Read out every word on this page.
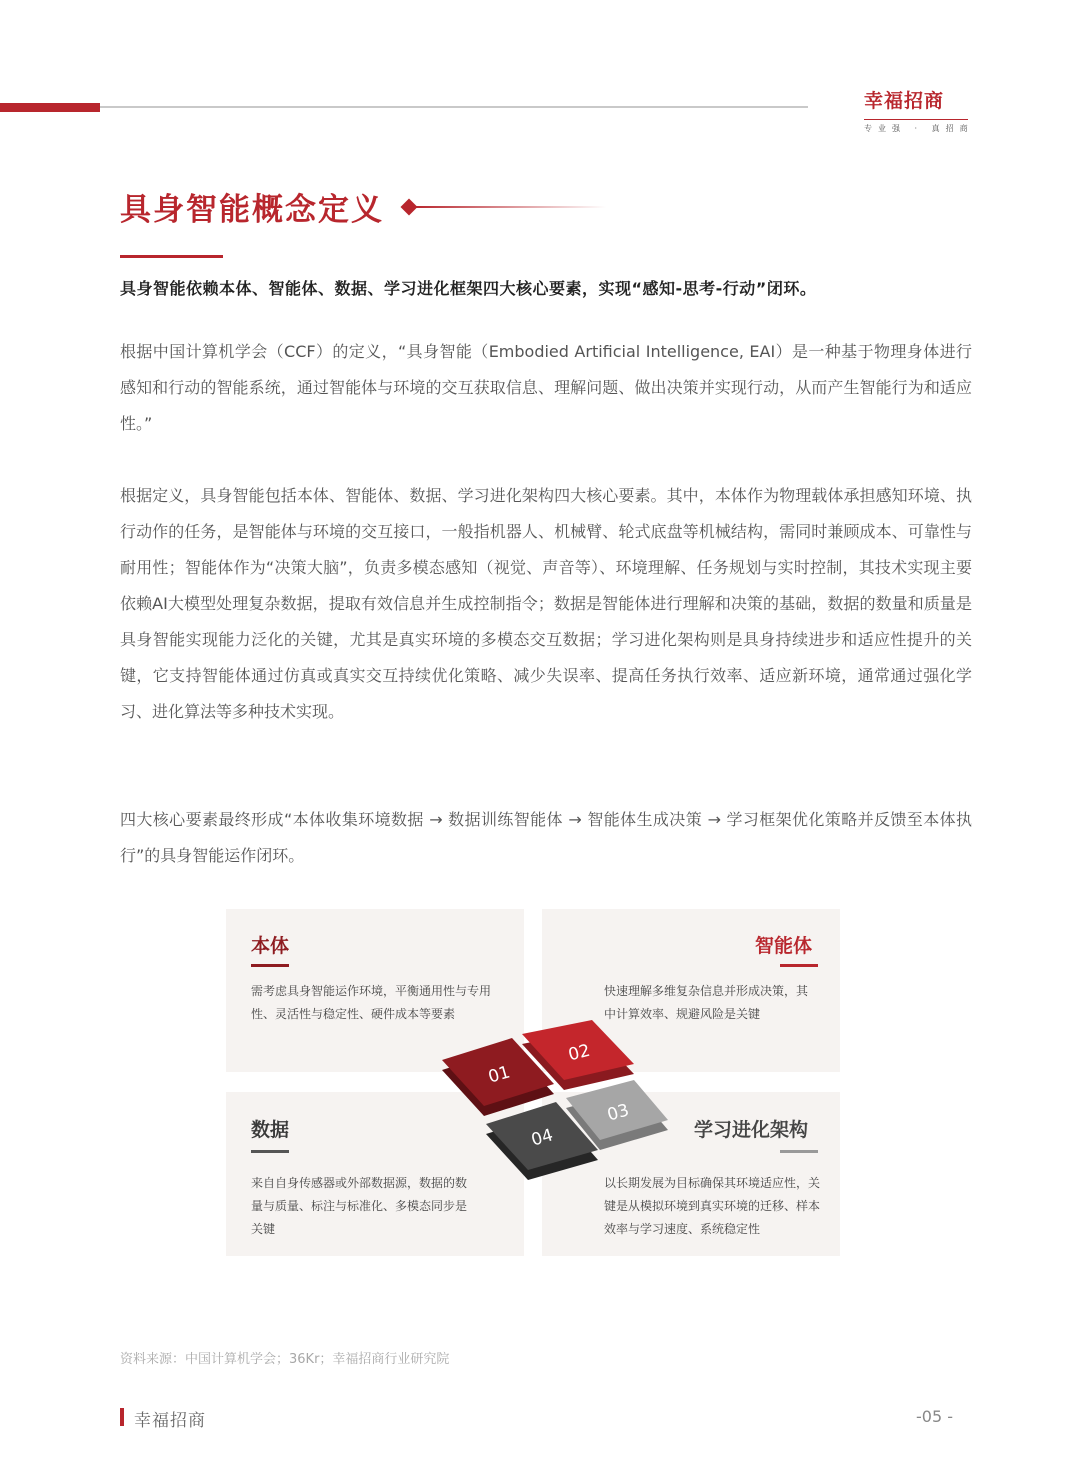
幸福招商
专业强 · 真招商
具身智能概念定义

具身智能依赖本体、智能体、数据、学习进化框架四大核心要素，实现“感知-思考-行动”闭环。

根据中国计算机学会（CCF）的定义，“具身智能（Embodied Artificial Intelligence, EAI）是一种基于物理身体进行感知和行动的智能系统，通过智能体与环境的交互获取信息、理解问题、做出决策并实现行动，从而产生智能行为和适应性。”

根据定义，具身智能包括本体、智能体、数据、学习进化架构四大核心要素。其中，本体作为物理载体承担感知环境、执行动作的任务，是智能体与环境的交互接口，一般指机器人、机械臂、轮式底盘等机械结构，需同时兼顾成本、可靠性与耐用性；智能体作为“决策大脑”，负责多模态感知（视觉、声音等）、环境理解、任务规划与实时控制，其技术实现主要依赖AI大模型处理复杂数据，提取有效信息并生成控制指令；数据是智能体进行理解和决策的基础，数据的数量和质量是具身智能实现能力泛化的关键，尤其是真实环境的多模态交互数据；学习进化架构则是具身持续进步和适应性提升的关键，它支持智能体通过仿真或真实交互持续优化策略、减少失误率、提高任务执行效率、适应新环境，通常通过强化学习、进化算法等多种技术实现。

四大核心要素最终形成“本体收集环境数据 → 数据训练智能体 → 智能体生成决策 → 学习框架优化策略并反馈至本体执行”的具身智能运作闭环。

本体
需考虑具身智能运作环境，平衡通用性与专用性、灵活性与稳定性、硬件成本等要素
智能体
快速理解多维复杂信息并形成决策，其中计算效率、规避风险是关键
数据
来自自身传感器或外部数据源，数据的数量与质量、标注与标准化、多模态同步是关键
学习进化架构
以长期发展为目标确保其环境适应性，关键是从模拟环境到真实环境的迁移、样本效率与学习速度、系统稳定性
01
02
04
03
资料来源：中国计算机学会；36Kr；幸福招商行业研究院
幸福招商	-05 -
